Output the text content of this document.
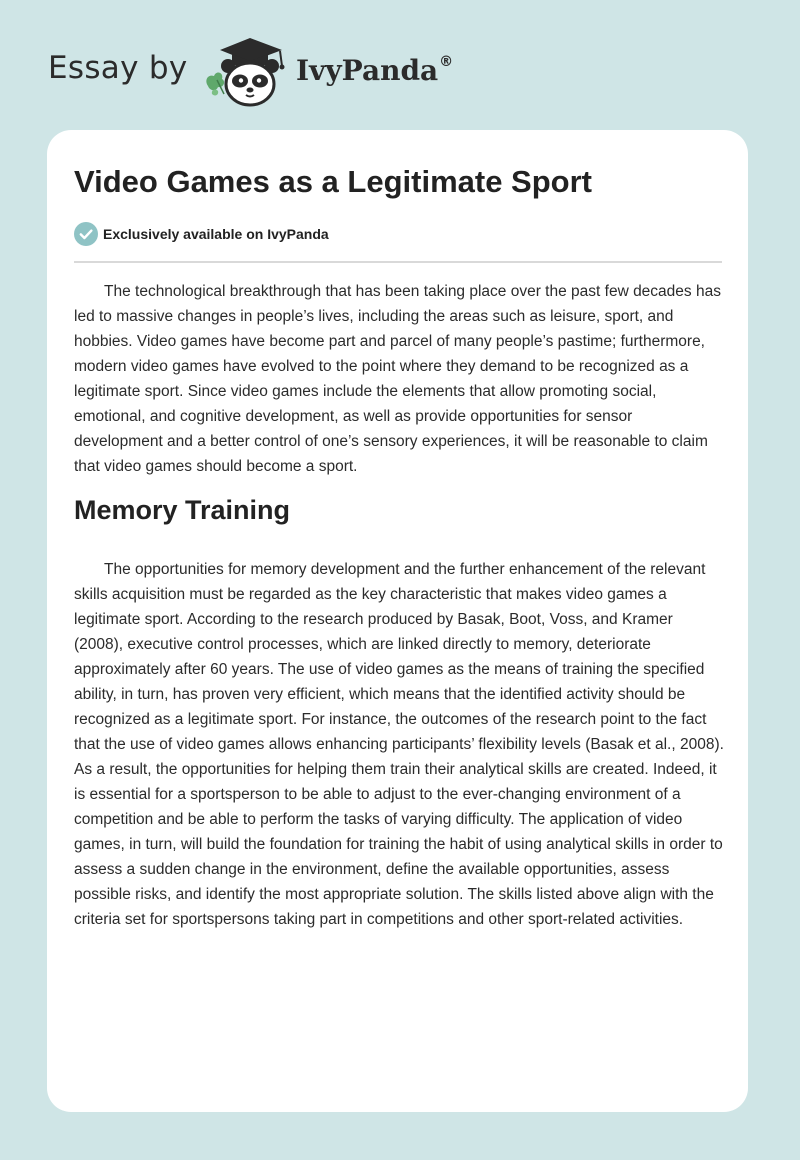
Essay by	IvyPanda®
Video Games as a Legitimate Sport
Exclusively available on IvyPanda

The technological breakthrough that has been taking place over the past few decades has led to massive changes in people’s lives, including the areas such as leisure, sport, and hobbies. Video games have become part and parcel of many people’s pastime; furthermore, modern video games have evolved to the point where they demand to be recognized as a legitimate sport. Since video games include the elements that allow promoting social, emotional, and cognitive development, as well as provide opportunities for sensor development and a better control of one’s sensory experiences, it will be reasonable to claim that video games should become a sport.

Memory Training

The opportunities for memory development and the further enhancement of the relevant skills acquisition must be regarded as the key characteristic that makes video games a legitimate sport. According to the research produced by Basak, Boot, Voss, and Kramer (2008), executive control processes, which are linked directly to memory, deteriorate approximately after 60 years. The use of video games as the means of training the specified ability, in turn, has proven very efficient, which means that the identified activity should be recognized as a legitimate sport. For instance, the outcomes of the research point to the fact that the use of video games allows enhancing participants’ flexibility levels (Basak et al., 2008). As a result, the opportunities for helping them train their analytical skills are created. Indeed, it is essential for a sportsperson to be able to adjust to the ever-changing environment of a competition and be able to perform the tasks of varying difficulty. The application of video games, in turn, will build the foundation for training the habit of using analytical skills in order to assess a sudden change in the environment, define the available opportunities, assess possible risks, and identify the most appropriate solution. The skills listed above align with the criteria set for sportspersons taking part in competitions and other sport-related activities.
